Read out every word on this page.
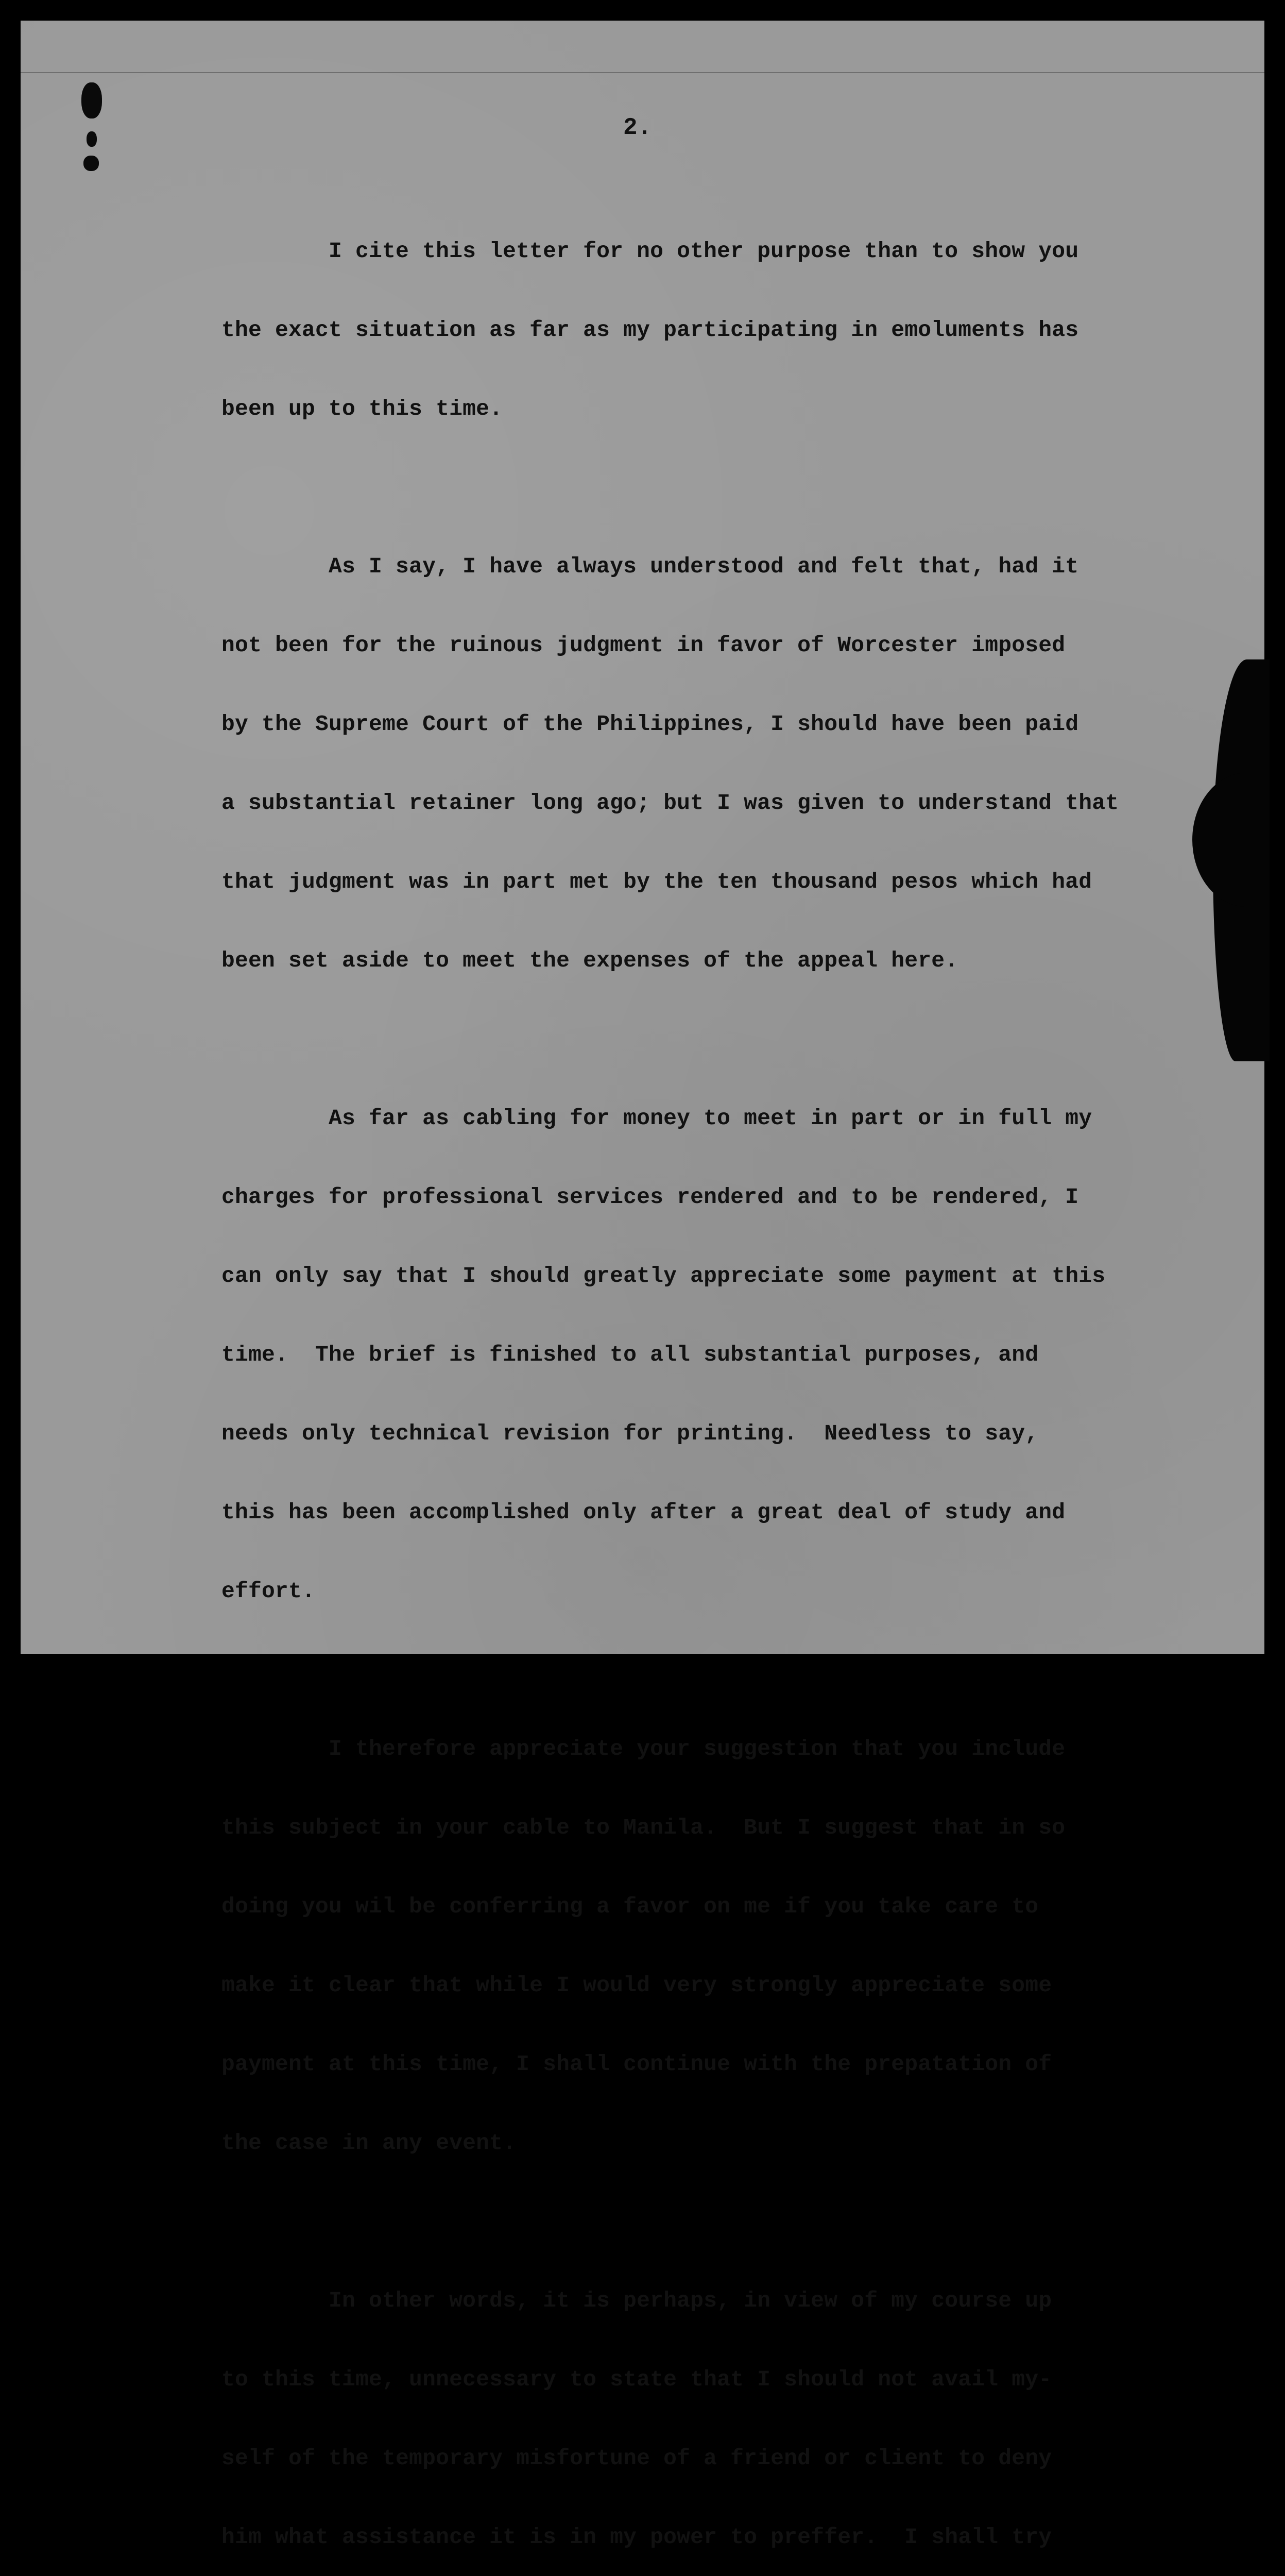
2.

I cite this letter for no other purpose than to show you

the exact situation as far as my participating in emoluments has

been up to this time.

As I say, I have always understood and felt that, had it

not been for the ruinous judgment in favor of Worcester imposed

by the Supreme Court of the Philippines, I should have been paid

a substantial retainer long ago; but I was given to understand that

that judgment was in part met by the ten thousand pesos which had

been set aside to meet the expenses of the appeal here.

As far as cabling for money to meet in part or in full my

charges for professional services rendered and to be rendered, I

can only say that I should greatly appreciate some payment at this

time.  The brief is finished to all substantial purposes, and

needs only technical revision for printing.  Needless to say,

this has been accomplished only after a great deal of study and

effort.

I therefore appreciate your suggestion that you include

this subject in your cable to Manila.  But I suggest that in so

doing you wil be conferring a favor on me if you take care to

make it clear that while I would very strongly appreciate some

payment at this time, I shall continue with the prepatation of

the case in any event.

In other words, it is perhaps, in view of my course up

to this time, unnecessary to state that I should not avail my-

self of the temporary misfortune of a friend or client to deny

him what assistance it is in my power to preffer.  I shall try
